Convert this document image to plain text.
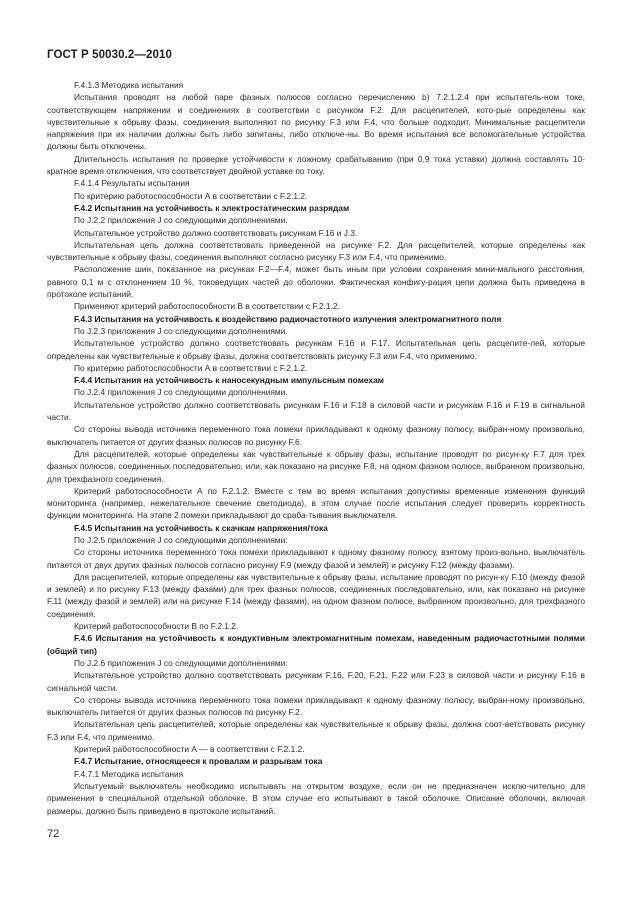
ГОСТ Р 50030.2—2010

F.4.1.3 Методика испытания

Испытания проводят на любой паре фазных полюсов согласно перечислению b) 7.2.1.2.4 при испытатель-ном токе, соответствующем напряжении и соединениях в соответствии с рисунком F.2. Для расцепителей, кото-рые определены как чувствительные к обрыву фазы, соединения выполняют по рисунку F.3 или F.4, что больше подходит. Минимальные расцепители напряжения при их наличии должны быть либо запитаны, либо отключе-ны. Во время испытания все вспомогательные устройства должны быть отключены.

Длительность испытания по проверке устойчивости к ложному срабатыванию (при 0,9 тока уставки) должна составлять 10-кратное время отключения, что соответствует двойной уставке по току.

F.4.1.4 Результаты испытания

По критерию работоспособности А в соответствии с F.2.1.2.

F.4.2 Испытания на устойчивость к электростатическим разрядам

По J.2.2 приложения J со следующими дополнениями.

Испытательное устройство должно соответствовать рисункам F.16 и J.3.

Испытательная цепь должна соответствовать приведенной на рисунке F.2. Для расцепителей, которые определены как чувствительные к обрыву фазы, соединения выполняют согласно рисунку F.3 или F.4, что применимо.

Расположение шин, показанное на рисунках F.2—F.4, может быть иным при условии сохранения мини-мального расстояния, равного 0,1 м с отклонением 10 %, токоведущих частей до оболочки. Фактическая конфигу-рация цепи должна быть приведена в протоколе испытаний.

Применяют критерий работоспособности В в соответствии с F.2.1.2.

F.4.3 Испытания на устойчивость к воздействию радиочастотного излучения электромагнитного поля

По J.2.3 приложения J со следующими дополнениями.

Испытательное устройство должно соответствовать рисункам F.16 и F.17. Испытательная цепь расцепите-лей, которые определены как чувствительные к обрыву фазы, должна соответствовать рисунку F.3 или F.4, что применимо.

По критерию работоспособности А в соответствии с F.2.1.2.

F.4.4 Испытания на устойчивость к наносекундным импульсным помехам

По J.2.4 приложения J со следующими дополнениями.

Испытательное устройство должно соответствовать рисункам F.16 и F.18 в силовой части и рисункам F.16 и F.19 в сигнальной части.

Со стороны вывода источника переменного тока помехи прикладывают к одному фазному полюсу, выбран-ному произвольно, выключатель питается от других фазных полюсов по рисунку F.6.

Для расцепителей, которые определены как чувствительные к обрыву фазы, испытание проводят по рисун-ку F.7 для трех фазных полюсов, соединенных последовательно, или, как показано на рисунке F.8, на одном фазном полюсе, выбранном произвольно, для трехфазного соединения.

Критерий работоспособности А по F.2.1.2. Вместе с тем во время испытания допустимы временные изменения функций мониторинга (например, нежелательное свечение светодиода), в этом случае после испытания следует проверить корректность функции мониторинга. На этапе 2 помехи прикладывают до сраба-тывания выключателя.

F.4.5 Испытания на устойчивость к скачкам напряжения/тока

По J.2.5 приложения J со следующими дополнениями:

Со стороны источника переменного тока помехи прикладывают к одному фазному полюсу, взятому произ-вольно, выключатель питается от двух других фазных полюсов согласно рисунку F.9 (между фазой и землей) и рисунку F.12 (между фазами).

Для расцепителей, которые определены как чувствительные к обрыву фазы, испытание проводят по рисун-ку F.10 (между фазой и землей) и по рисунку F.13 (между фазами) для трех фазных полюсов, соединенных последовательно, или, как показано на рисунке F.11 (между фазой и землей) или на рисунке F.14 (между фазами), на одном фазном полюсе, выбранном произвольно, для трехфазного соединения.

Критерий работоспособности В по F.2.1.2.

F.4.6 Испытания на устойчивость к кондуктивным электромагнитным помехам, наведенным радиочастотными полями (общий тип)

По J.2.6 приложения J со следующими дополнениями:

Испытательное устройство должно соответствовать рисункам F.16, F.20, F.21, F.22 или F.23 в силовой части и рисунку F.16 в сигнальной части.

Со стороны вывода источника переменного тока помехи прикладывают к одному фазному полюсу, выбран-ному произвольно, выключатель питается от других фазных полюсов по рисунку F.2.

Испытательная цепь расцепителей, которые определены как чувствительные к обрыву фазы, должна соот-ветствовать рисунку F.3 или F.4, что применимо.

Критерий работоспособности А — в соответствии с F.2.1.2.

F.4.7 Испытание, относящееся к провалам и разрывам тока

F.4.7.1 Методика испытания

Испытуемый выключатель необходимо испытывать на открытом воздухе, если он не предназначен исклю-чительно для применения в специальной отдельной оболочке. В этом случае его испытывают в такой оболочке. Описание оболочки, включая размеры, должно быть приведено в протоколе испытаний.

72
